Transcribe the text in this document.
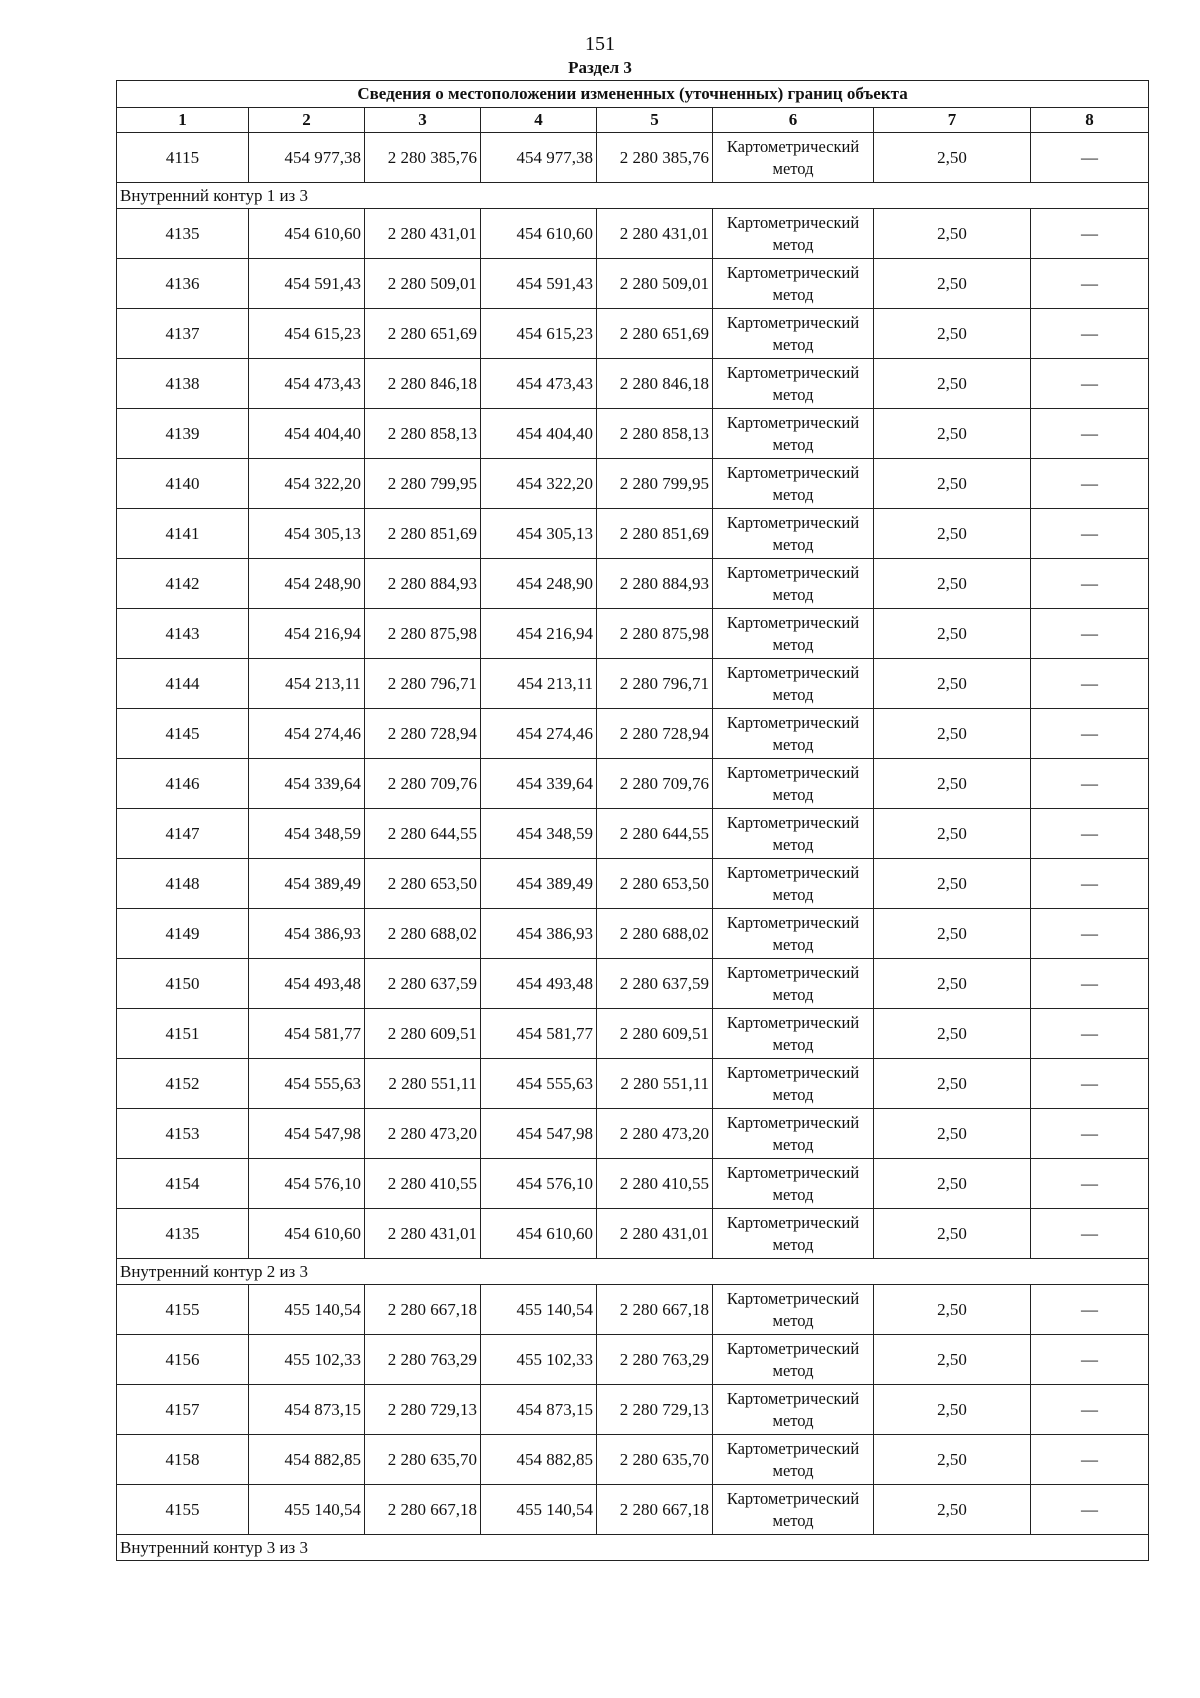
151
Раздел 3
Сведения о местоположении измененных (уточненных) границ объекта							
1	2	3	4	5	6	7	8
4115	454 977,38	2 280 385,76	454 977,38	2 280 385,76	Картометрический метод	2,50	—
Внутренний контур 1 из 3							
4135	454 610,60	2 280 431,01	454 610,60	2 280 431,01	Картометрический метод	2,50	—
4136	454 591,43	2 280 509,01	454 591,43	2 280 509,01	Картометрический метод	2,50	—
4137	454 615,23	2 280 651,69	454 615,23	2 280 651,69	Картометрический метод	2,50	—
4138	454 473,43	2 280 846,18	454 473,43	2 280 846,18	Картометрический метод	2,50	—
4139	454 404,40	2 280 858,13	454 404,40	2 280 858,13	Картометрический метод	2,50	—
4140	454 322,20	2 280 799,95	454 322,20	2 280 799,95	Картометрический метод	2,50	—
4141	454 305,13	2 280 851,69	454 305,13	2 280 851,69	Картометрический метод	2,50	—
4142	454 248,90	2 280 884,93	454 248,90	2 280 884,93	Картометрический метод	2,50	—
4143	454 216,94	2 280 875,98	454 216,94	2 280 875,98	Картометрический метод	2,50	—
4144	454 213,11	2 280 796,71	454 213,11	2 280 796,71	Картометрический метод	2,50	—
4145	454 274,46	2 280 728,94	454 274,46	2 280 728,94	Картометрический метод	2,50	—
4146	454 339,64	2 280 709,76	454 339,64	2 280 709,76	Картометрический метод	2,50	—
4147	454 348,59	2 280 644,55	454 348,59	2 280 644,55	Картометрический метод	2,50	—
4148	454 389,49	2 280 653,50	454 389,49	2 280 653,50	Картометрический метод	2,50	—
4149	454 386,93	2 280 688,02	454 386,93	2 280 688,02	Картометрический метод	2,50	—
4150	454 493,48	2 280 637,59	454 493,48	2 280 637,59	Картометрический метод	2,50	—
4151	454 581,77	2 280 609,51	454 581,77	2 280 609,51	Картометрический метод	2,50	—
4152	454 555,63	2 280 551,11	454 555,63	2 280 551,11	Картометрический метод	2,50	—
4153	454 547,98	2 280 473,20	454 547,98	2 280 473,20	Картометрический метод	2,50	—
4154	454 576,10	2 280 410,55	454 576,10	2 280 410,55	Картометрический метод	2,50	—
4135	454 610,60	2 280 431,01	454 610,60	2 280 431,01	Картометрический метод	2,50	—
Внутренний контур 2 из 3							
4155	455 140,54	2 280 667,18	455 140,54	2 280 667,18	Картометрический метод	2,50	—
4156	455 102,33	2 280 763,29	455 102,33	2 280 763,29	Картометрический метод	2,50	—
4157	454 873,15	2 280 729,13	454 873,15	2 280 729,13	Картометрический метод	2,50	—
4158	454 882,85	2 280 635,70	454 882,85	2 280 635,70	Картометрический метод	2,50	—
4155	455 140,54	2 280 667,18	455 140,54	2 280 667,18	Картометрический метод	2,50	—
Внутренний контур 3 из 3							
